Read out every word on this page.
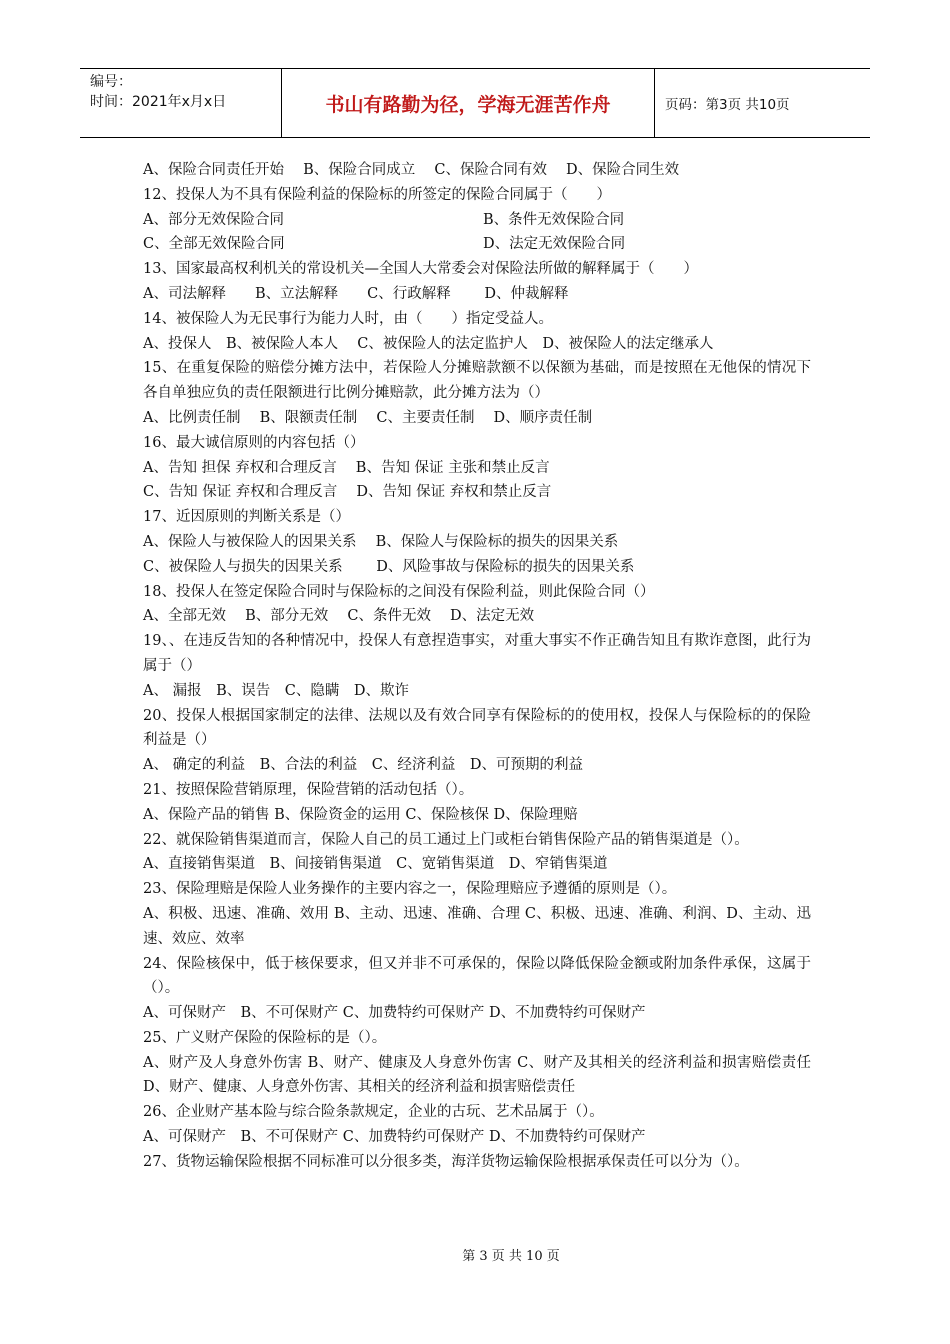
编号：
时间：2021年x月x日	书山有路勤为径，学海无涯苦作舟	页码：第3页 共10页
A、保险合同责任开始　 B、保险合同成立　 C、保险合同有效　 D、保险合同生效
12、投保人为不具有保险利益的保险标的所签定的保险合同属于（　　）
A、部分无效保险合同	B、条件无效保险合同
C、全部无效保险合同	D、法定无效保险合同
13、国家最高权利机关的常设机关—全国人大常委会对保险法所做的解释属于（　　）
A、司法解释　　B、立法解释　　C、行政解释　　 D、仲裁解释
14、被保险人为无民事行为能力人时，由（　　）指定受益人。
A、投保人　B、被保险人本人　 C、被保险人的法定监护人　D、被保险人的法定继承人
15、在重复保险的赔偿分摊方法中，若保险人分摊赔款额不以保额为基础，而是按照在无他保的情况下各自单独应负的责任限额进行比例分摊赔款，此分摊方法为（）
A、比例责任制　 B、限额责任制　 C、主要责任制　 D、顺序责任制
16、最大诚信原则的内容包括（）
A、告知 担保 弃权和合理反言　 B、告知 保证 主张和禁止反言
C、告知 保证 弃权和合理反言　 D、告知 保证 弃权和禁止反言
17、近因原则的判断关系是（）
A、保险人与被保险人的因果关系　 B、保险人与保险标的损失的因果关系
C、被保险人与损失的因果关系　　 D、风险事故与保险标的损失的因果关系
18、投保人在签定保险合同时与保险标的之间没有保险利益，则此保险合同（）
A、全部无效　 B、部分无效　 C、条件无效　 D、法定无效
19、、在违反告知的各种情况中，投保人有意捏造事实，对重大事实不作正确告知且有欺诈意图，此行为属于（）
A、 漏报　B、误告　C、隐瞒　D、欺诈
20、投保人根据国家制定的法律、法规以及有效合同享有保险标的的使用权，投保人与保险标的的保险利益是（）
A、 确定的利益　B、合法的利益　C、经济利益　D、可预期的利益
21、按照保险营销原理，保险营销的活动包括（）。
A、保险产品的销售 B、保险资金的运用 C、保险核保 D、保险理赔
22、就保险销售渠道而言，保险人自己的员工通过上门或柜台销售保险产品的销售渠道是（）。
A、直接销售渠道　B、间接销售渠道　C、宽销售渠道　D、窄销售渠道
23、保险理赔是保险人业务操作的主要内容之一，保险理赔应予遵循的原则是（）。
A、积极、迅速、准确、效用 B、主动、迅速、准确、合理 C、积极、迅速、准确、利润、D、主动、迅速、效应、效率
24、保险核保中，低于核保要求，但又并非不可承保的，保险以降低保险金额或附加条件承保，这属于（）。
A、可保财产　B、不可保财产 C、加费特约可保财产 D、不加费特约可保财产
25、广义财产保险的保险标的是（）。
A、财产及人身意外伤害 B、财产、健康及人身意外伤害 C、财产及其相关的经济利益和损害赔偿责任 D、财产、健康、人身意外伤害、其相关的经济利益和损害赔偿责任
26、企业财产基本险与综合险条款规定，企业的古玩、艺术品属于（）。
A、可保财产　B、不可保财产 C、加费特约可保财产 D、不加费特约可保财产
27、货物运输保险根据不同标准可以分很多类，海洋货物运输保险根据承保责任可以分为（）。
第 3 页 共 10 页
